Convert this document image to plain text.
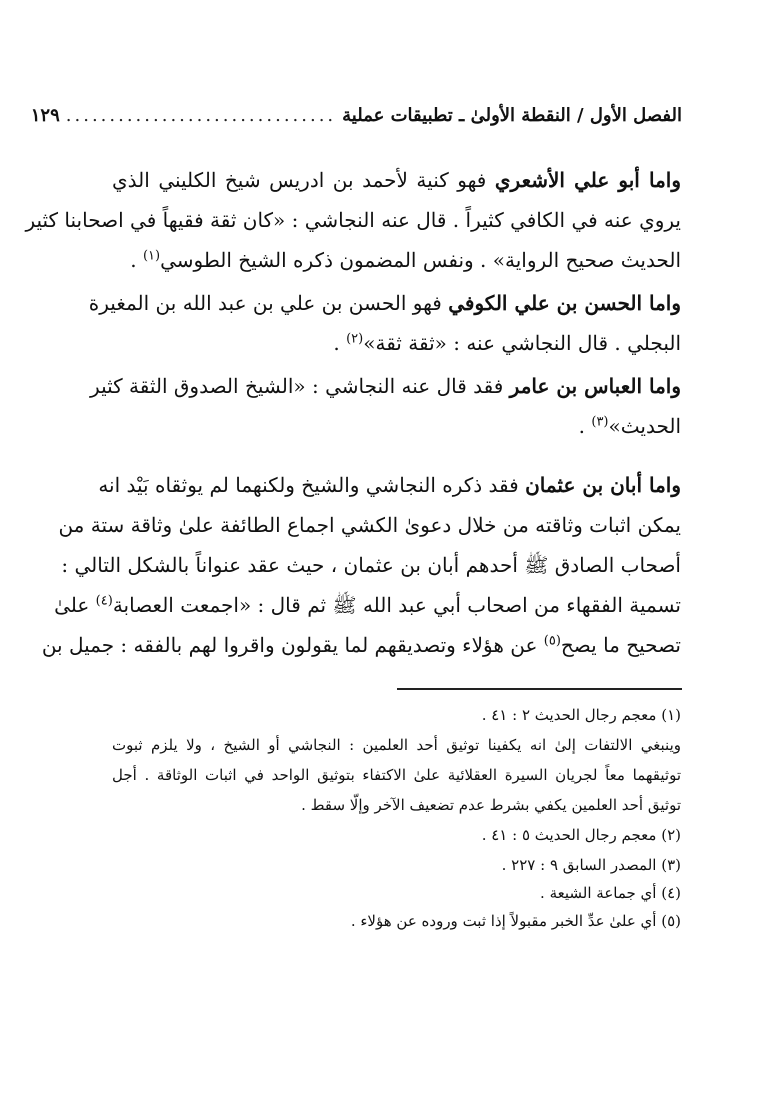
الفصل الأول / النقطة الأولىٰ ـ تطبيقات عملية
...............................
١٢٩
واما أبو علي الأشعري فهو كنية لأحمد بن ادريس شيخ الكليني الذي
يروي عنه في الكافي كثيراً . قال عنه النجاشي : «كان ثقة فقيهاً في اصحابنا كثير
الحديث صحيح الرواية» . ونفس المضمون ذكره الشيخ الطوسي$^{(١)}$ .
واما الحسن بن علي الكوفي فهو الحسن بن علي بن عبد الله بن المغيرة
البجلي . قال النجاشي عنه : «ثقة ثقة»$^{(٢)}$ .
واما العباس بن عامر فقد قال عنه النجاشي : «الشيخ الصدوق الثقة كثير
الحديث»$^{(٣)}$ .
واما أبان بن عثمان فقد ذكره النجاشي والشيخ ولكنهما لم يوثقاه بَيْد انه
يمكن اثبات وثاقته من خلال دعوىٰ الكشي اجماع الطائفة علىٰ وثاقة ستة من
أصحاب الصادق ﷺ أحدهم أبان بن عثمان ، حيث عقد عنواناً بالشكل التالي :
تسمية الفقهاء من اصحاب أبي عبد الله ﷺ ثم قال : «اجمعت العصابة$^{(٤)}$ علىٰ
تصحيح ما يصح$^{(٥)}$ عن هؤلاء وتصديقهم لما يقولون واقروا لهم بالفقه : جميل بن
(١) معجم رجال الحديث ٢ : ٤١ .
وينبغي الالتفات إلىٰ انه يكفينا توثيق أحد العلمين : النجاشي أو الشيخ ، ولا يلزم ثبوت
توثيقهما معاً لجريان السيرة العقلائية علىٰ الاكتفاء بتوثيق الواحد في اثبات الوثاقة . أجل
توثيق أحد العلمين يكفي بشرط عدم تضعيف الآخر وإلّا سقط .
(٢) معجم رجال الحديث ٥ : ٤١ .
(٣) المصدر السابق ٩ : ٢٢٧ .
(٤) أي جماعة الشيعة .
(٥) أي علىٰ عدِّ الخبر مقبولاً إذا ثبت وروده عن هؤلاء .
